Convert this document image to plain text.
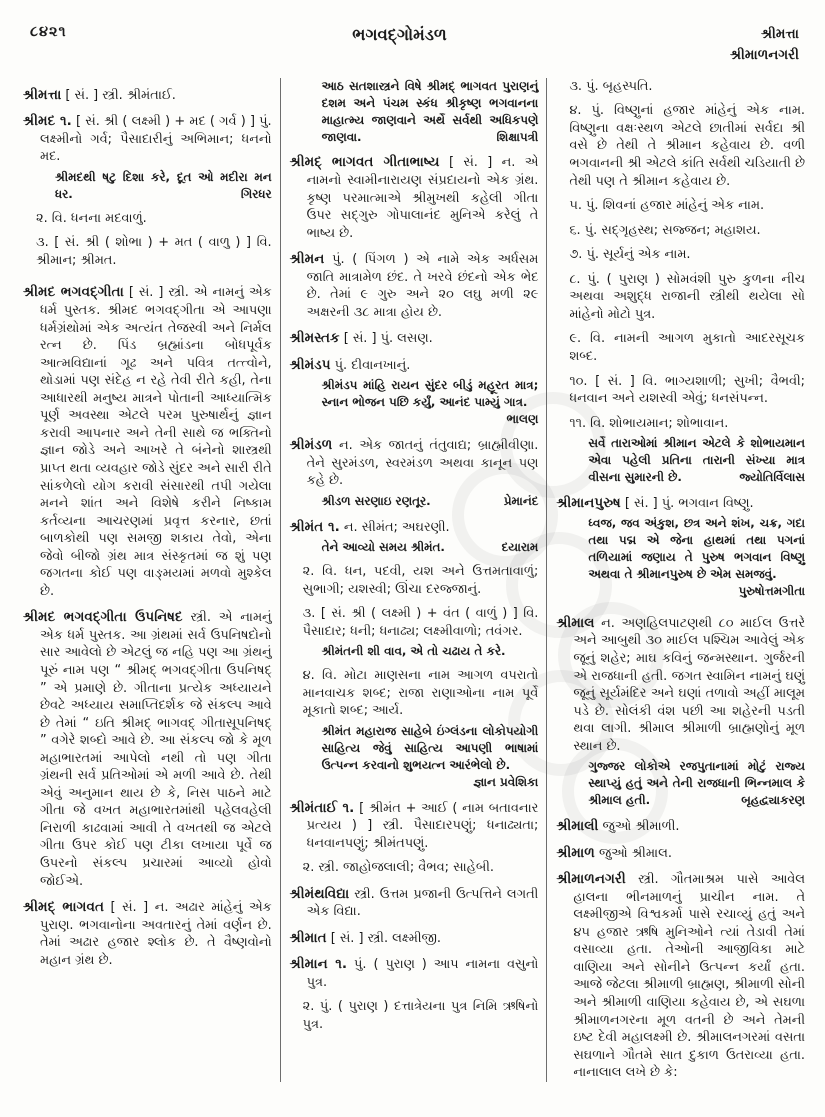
૮૪૨૧	ભગવદ્ગોમંડળ	શ્રીમત્તા
શ્રીમાળનગરી

શ્રીમત્તા [ સં. ] સ્ત્રી. શ્રીમંતાઈ.

શ્રીમદ ૧. [ સં. શ્રી ( લક્ષ્મી ) + મદ ( ગર્વ ) ] પું. લક્ષ્મીનો ગર્વ; પૈસાદારીનું અભિમાન; ધનનો મદ.

શ્રીમદથી ષટુ દિશા કરે, દૂત ઓ મદીરા મન ધર.	ગિરધર

૨. વિ. ધનના મદવાળું.

૩. [ સં. શ્રી ( શોભા ) + મત ( વાળુ ) ] વિ. શ્રીમાન; શ્રીમત.

શ્રીમદ ભગવદ્ગીતા [ સં. ] સ્ત્રી. એ નામનું એક ધર્મ પુસ્તક. શ્રીમદ ભગવદ્ગીતા એ આપણા ધર્મગ્રંથોમાં એક અત્યંત તેજસ્વી અને નિર્મલ રત્ન છે. પિંડ બ્રહ્માંડના બોધપૂર્વક આત્મવિદ્યાનાં ગૂઢ અને પવિત્ર તત્ત્વોને, થોડામાં પણ સંદેહ ન રહે તેવી રીતે કહી, તેના આધારથી મનુષ્ય માત્રને પોતાની આધ્યાત્મિક પૂર્ણ અવસ્થા એટલે પરમ પુરુષાર્થનું જ્ઞાન કરાવી આપનાર અને તેની સાથે જ ભક્તિનો જ્ઞાન જોડે અને આખરે તે બંનેનો શાસ્ત્રથી પ્રાપ્ત થતા વ્યવહાર જોડે સુંદર અને સારી રીતે સાંકળેલો યોગ કરાવી સંસારથી તપી ગયેલા મનને શાંત અને વિશેષે કરીને નિષ્કામ કર્તવ્યના આચરણમાં પ્રવૃત્ત કરનાર, છતાં બાળકોથી પણ સમજી શકાય તેવો, એના જેવો બીજો ગ્રંથ માત્ર સંસ્કૃતમાં જ શું પણ જગતના કોઈ પણ વાઙ્મયમાં મળવો મુશ્કેલ છે.

શ્રીમદ ભગવદ્ગીતા ઉપનિષદ સ્ત્રી. એ નામનું એક ધર્મ પુસ્તક. આ ગ્રંથમાં સર્વ ઉપનિષદોનો સાર આવેલો છે એટલું જ નહિ પણ આ ગ્રંથનું પૂરું નામ પણ “ શ્રીમદ્ ભગવદ્ગીતા ઉપનિષદ્ ” એ પ્રમાણે છે. ગીતાના પ્રત્યેક અધ્યાયને છેવટે અધ્યાય સમાપ્તિદર્શક જે સંકલ્પ આવે છે તેમાં “ ઇતિ શ્રીમદ્ ભાગવદ્ ગીતાસૂપનિષદ્ ” વગેરે શબ્દો આવે છે. આ સંકલ્પ જો કે મૂળ મહાભારતમાં આપેલો નથી તો પણ ગીતા ગ્રંથની સર્વ પ્રતિઓમાં એ મળી આવે છે. તેથી એવું અનુમાન થાય છે કે, નિસ પાઠને માટે ગીતા જે વખત મહાભારતમાંથી પહેલવહેલી નિરાળી કાઢવામાં આવી તે વખતથી જ એટલે ગીતા ઉપર કોઈ પણ ટીકા લખાયા પૂર્વે જ ઉપરનો સંકલ્પ પ્રચારમાં આવ્યો હોવો જોઈએ.

શ્રીમદ્ ભાગવત [ સં. ] ન. અઢાર માંહેનું એક પુરાણ. ભગવાનોના અવતારનું તેમાં વર્ણન છે. તેમાં અઢાર હજાર શ્લોક છે. તે વૈષ્ણવોનો મહાન ગ્રંથ છે.

આઠ સતશાસ્ત્રને વિષે શ્રીમદ્ ભાગવત પુરાણનું દશમ અને પંચમ સ્કંધ શ્રીકૃષ્ણ ભગવાનના માહાત્મ્ય જાણવાને અર્થે સર્વથી અધિકપણે જાણવા.	શિક્ષાપત્રી

શ્રીમદ્ ભાગવત ગીતાભાષ્ય [ સં. ] ન. એ નામનો સ્વામીનારાયણ સંપ્રદાયનો એક ગ્રંથ. કૃષ્ણ પરમાત્માએ શ્રીમુખથી કહેલી ગીતા ઉપર સદ્ગુરુ ગોપાલાનંદ મુનિએ કરેલું તે ભાષ્ય છે.

શ્રીમન પું. ( પિંગળ ) એ નામે એક અર્ધસમ જાતિ માત્રામેળ છંદ. તે ખરવે છંદનો એક ભેદ છે. તેમાં ૯ ગુરુ અને ૨૦ લઘુ મળી ૨૯ અક્ષરની ૩૮ માત્રા હોય છે.

શ્રીમસ્તક [ સં. ] પું. લસણ.

શ્રીમંડપ પું. દીવાનખાનું.

શ્રીમંડપ માંહિ રાયન સુંદર બીડું મહૂરત માત્ર; સ્નાન ભોજન પછિ કર્યું, આનંદ પામ્યું ગાત્ર.
ભાલણ

શ્રીમંડળ ન. એક જાતનું તંતુવાદ્ય; બ્રાહ્મીવીણા. તેને સુરમંડળ, સ્વરમંડળ અથવા કાનૂન પણ કહે છે.

શ્રીડળ સરણાઇ રણતૂર.	પ્રેમાનંદ

શ્રીમંત ૧. ન. સીમંત; અઘરણી.

તેને આવ્યો સમય શ્રીમંત.	દયારામ

૨. વિ. ધન, પદવી, યશ અને ઉત્તમતાવાળું; સુભાગી; યશસ્વી; ઊંચા દરજ્જાનું.

૩. [ સં. શ્રી ( લક્ષ્મી ) + વંત ( વાળું ) ] વિ. પૈસાદાર; ધની; ધનાઢ્ય; લક્ષ્મીવાળો; તવંગર.

શ્રીમંતની શી વાવ, એ તો ચઢાય તે કરે.

૪. વિ. મોટા માણસના નામ આગળ વપરાતો માનવાચક શબ્દ; રાજા રાણાઓના નામ પૂર્વે મૂકાતો શબ્દ; આર્ય.

શ્રીમંત મહારાજ સાહેબે ઇંગ્લંડના લોકોપયોગી સાહિત્ય જેવું સાહિત્ય આપણી ભાષામાં ઉત્પન્ન કરવાનો શુભયત્ન આરંભેલો છે.
જ્ઞાન પ્રવેશિકા

શ્રીમંતાઈ ૧. [ શ્રીમંત + આઈ ( નામ બતાવનાર પ્રત્યય ) ] સ્ત્રી. પૈસાદારપણું; ધનાઢ્યતા; ધનવાનપણું; શ્રીમંતપણું.

૨. સ્ત્રી. જાહોજલાલી; વૈભવ; સાહેબી.

શ્રીમંથવિદ્યા સ્ત્રી. ઉત્તમ પ્રજાની ઉત્પત્તિને લગતી એક વિદ્યા.

શ્રીમાત [ સં. ] સ્ત્રી. લક્ષ્મીજી.

શ્રીમાન ૧. પું. ( પુરાણ ) આપ નામના વસુનો પુત્ર.

૨. પું. ( પુરાણ ) દત્તાત્રેયના પુત્ર નિમિ ઋષિનો પુત્ર.

૩. પું. બૃહસ્પતિ.

૪. પું. વિષ્ણુનાં હજાર માંહેનું એક નામ. વિષ્ણુના વક્ષઃસ્થળ એટલે છાતીમાં સર્વદા શ્રી વસે છે તેથી તે શ્રીમાન કહેવાય છે. વળી ભગવાનની શ્રી એટલે કાંતિ સર્વથી ચડિયાતી છે તેથી પણ તે શ્રીમાન કહેવાય છે.

૫. પું. શિવનાં હજાર માંહેનું એક નામ.

૬. પું. સદ્ગૃહસ્થ; સજ્જન; મહાશય.

૭. પું. સૂર્યનું એક નામ.

૮. પું. ( પુરાણ ) સોમવંશી પુરુ કુળના નીચ અથવા અશુદ્ધ રાજાની સ્ત્રીથી થયેલા સો માંહેનો મોટો પુત્ર.

૯. વિ. નામની આગળ મુકાતો આદરસૂચક શબ્દ.

૧૦. [ સં. ] વિ. ભાગ્યશાળી; સુખી; વૈભવી; ધનવાન અને યશસ્વી એવું; ધનસંપન્ન.

૧૧. વિ. શોભાયમાન; શોભાવાન.

સર્વે તારાઓમાં શ્રીમાન એટલે કે શોભાયમાન એવા પહેલી પ્રતિના તારાની સંખ્યા માત્ર વીસના સુમારની છે.	જ્યોતિર્વિલાસ

શ્રીમાનપુરુષ [ સં. ] પું. ભગવાન વિષ્ણુ.

ધ્વજ, જવ અંકુશ, છત્ર અને શંખ, ચક્ર, ગદા તથા પદ્મ એ જેના હાથમાં તથા પગનાં તળિયામાં જણાય તે પુરુષ ભગવાન વિષ્ણુ અથવા તે શ્રીમાનપુરુષ છે એમ સમજવું.
પુરુષોત્તમગીતા

શ્રીમાલ ન. અણહિલપાટણથી ૮૦ માઈલ ઉત્તરે અને આબુથી ૩૦ માઈલ પશ્ચિમ આવેલું એક જૂનું શહેર; માઘ કવિનું જન્મસ્થાન. ગુર્જરની એ રાજધાની હતી. જગત સ્વામિન નામનું ઘણું જૂનું સૂર્યમંદિર અને ઘણાં તળાવો અહીં માલૂમ પડે છે. સોલંકી વંશ પછી આ શહેરની પડતી થવા લાગી. શ્રીમાલ શ્રીમાળી બ્રાહ્મણોનું મૂળ સ્થાન છે.

ગુજ્જર લોકોએ રજપુતાનામાં મોટું રાજ્ય સ્થાપ્યું હતું અને તેની રાજધાની ભિન્નમાલ કે શ્રીમાલ હતી.	બૃહદ્વ્યાકરણ

શ્રીમાલી જુઓ શ્રીમાળી.

શ્રીમાળ જુઓ શ્રીમાલ.

શ્રીમાળનગરી સ્ત્રી. ગૌતમાશ્રમ પાસે આવેલ હાલના ભીનમાળનું પ્રાચીન નામ. તે લક્ષ્મીજીએ વિશ્વકર્મા પાસે રચાવ્યું હતું અને ૪૫ હજાર ઋષિ મુનિઓને ત્યાં તેડાવી તેમાં વસાવ્યા હતા. તેઓની આજીવિકા માટે વાણિયા અને સોનીને ઉત્પન્ન કર્યાં હતા. આજે જેટલા શ્રીમાળી બ્રાહ્મણ, શ્રીમાળી સોની અને શ્રીમાળી વાણિયા કહેવાય છે, એ સઘળા શ્રીમાળનગરના મૂળ વતની છે અને તેમની ઇષ્ટ દેવી મહાલક્ષ્મી છે. શ્રીમાલનગરમાં વસતા સઘળાને ગૌતમે સાત દુકાળ ઉતરાવ્યા હતા. નાનાલાલ લખે છે કે:
